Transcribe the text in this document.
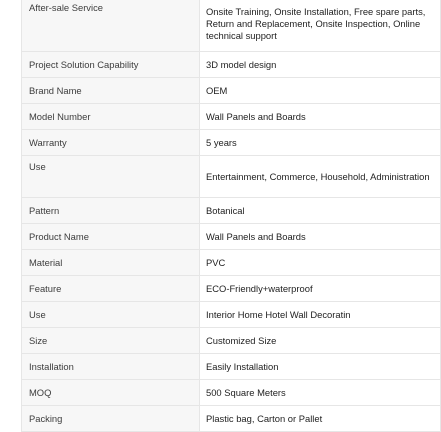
After-sale Service	Onsite Training, Onsite Installation, Free spare parts, Return and Replacement, Onsite Inspection, Online technical support
Project Solution Capability	3D model design
Brand Name	OEM
Model Number	Wall Panels and Boards
Warranty	5 years
Use	Entertainment, Commerce, Household, Administration
Pattern	Botanical
Product Name	Wall Panels and Boards
Material	PVC
Feature	ECO-Friendly+waterproof
Use	Interior Home Hotel Wall Decoratin
Size	Customized Size
Installation	Easily Installation
MOQ	500 Square Meters
Packing	Plastic bag, Carton or Pallet
